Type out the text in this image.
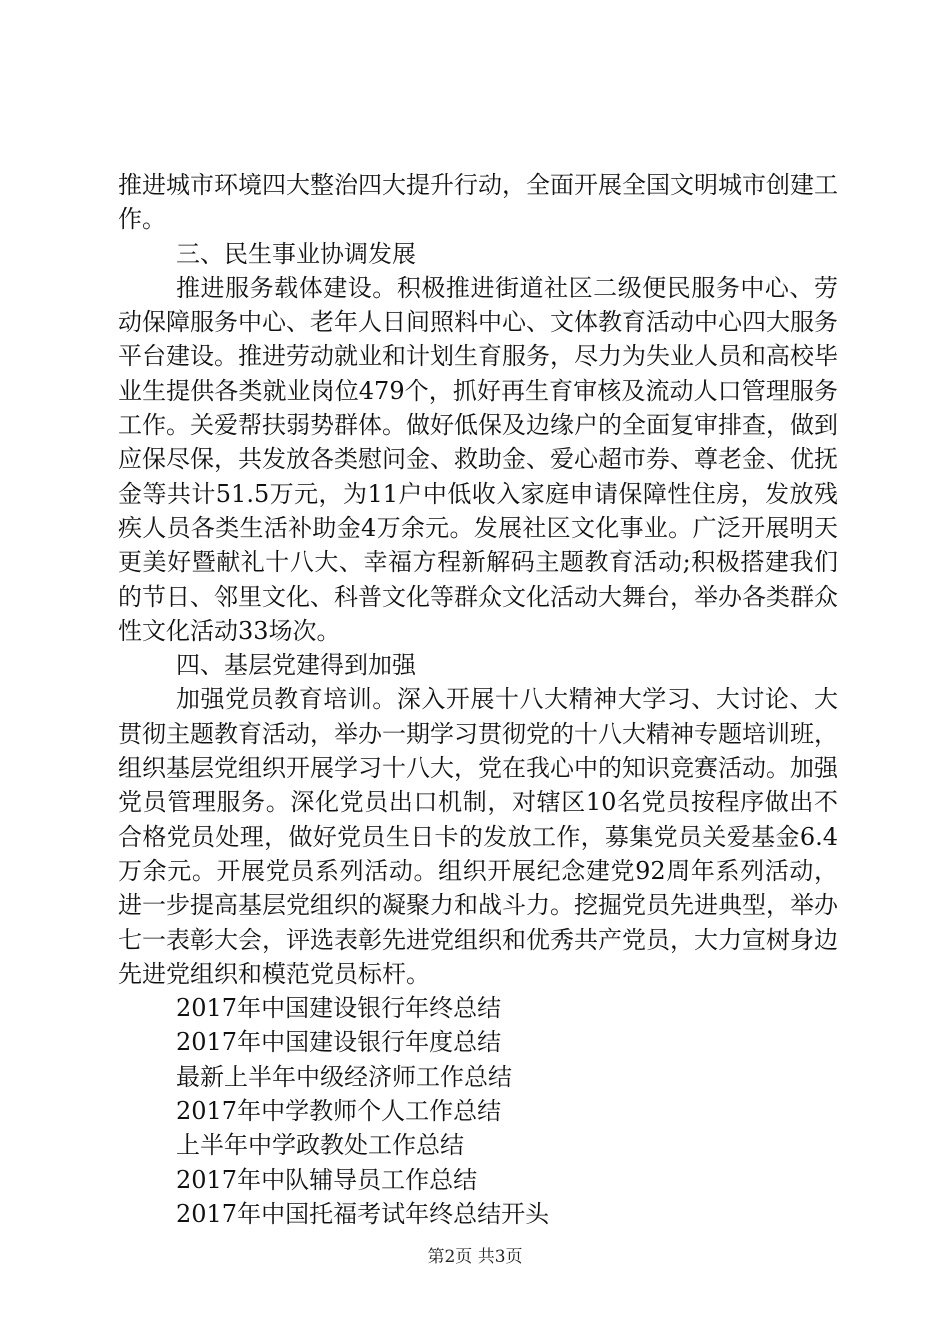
推进城市环境四大整治四大提升行动，全面开展全国文明城市创建工作。

三、民生事业协调发展

推进服务载体建设。积极推进街道社区二级便民服务中心、劳动保障服务中心、老年人日间照料中心、文体教育活动中心四大服务平台建设。推进劳动就业和计划生育服务，尽力为失业人员和高校毕业生提供各类就业岗位479个，抓好再生育审核及流动人口管理服务工作。关爱帮扶弱势群体。做好低保及边缘户的全面复审排查，做到应保尽保，共发放各类慰问金、救助金、爱心超市券、尊老金、优抚金等共计51.5万元，为11户中低收入家庭申请保障性住房，发放残疾人员各类生活补助金4万余元。发展社区文化事业。广泛开展明天更美好暨献礼十八大、幸福方程新解码主题教育活动;积极搭建我们的节日、邻里文化、科普文化等群众文化活动大舞台，举办各类群众性文化活动33场次。

四、基层党建得到加强

加强党员教育培训。深入开展十八大精神大学习、大讨论、大贯彻主题教育活动，举办一期学习贯彻党的十八大精神专题培训班，组织基层党组织开展学习十八大，党在我心中的知识竞赛活动。加强党员管理服务。深化党员出口机制，对辖区10名党员按程序做出不合格党员处理，做好党员生日卡的发放工作，募集党员关爱基金6.4万余元。开展党员系列活动。组织开展纪念建党92周年系列活动，进一步提高基层党组织的凝聚力和战斗力。挖掘党员先进典型，举办七一表彰大会，评选表彰先进党组织和优秀共产党员，大力宣树身边先进党组织和模范党员标杆。

2017年中国建设银行年终总结
2017年中国建设银行年度总结
最新上半年中级经济师工作总结
2017年中学教师个人工作总结
上半年中学政教处工作总结
2017年中队辅导员工作总结
2017年中国托福考试年终总结开头
第2页 共3页
